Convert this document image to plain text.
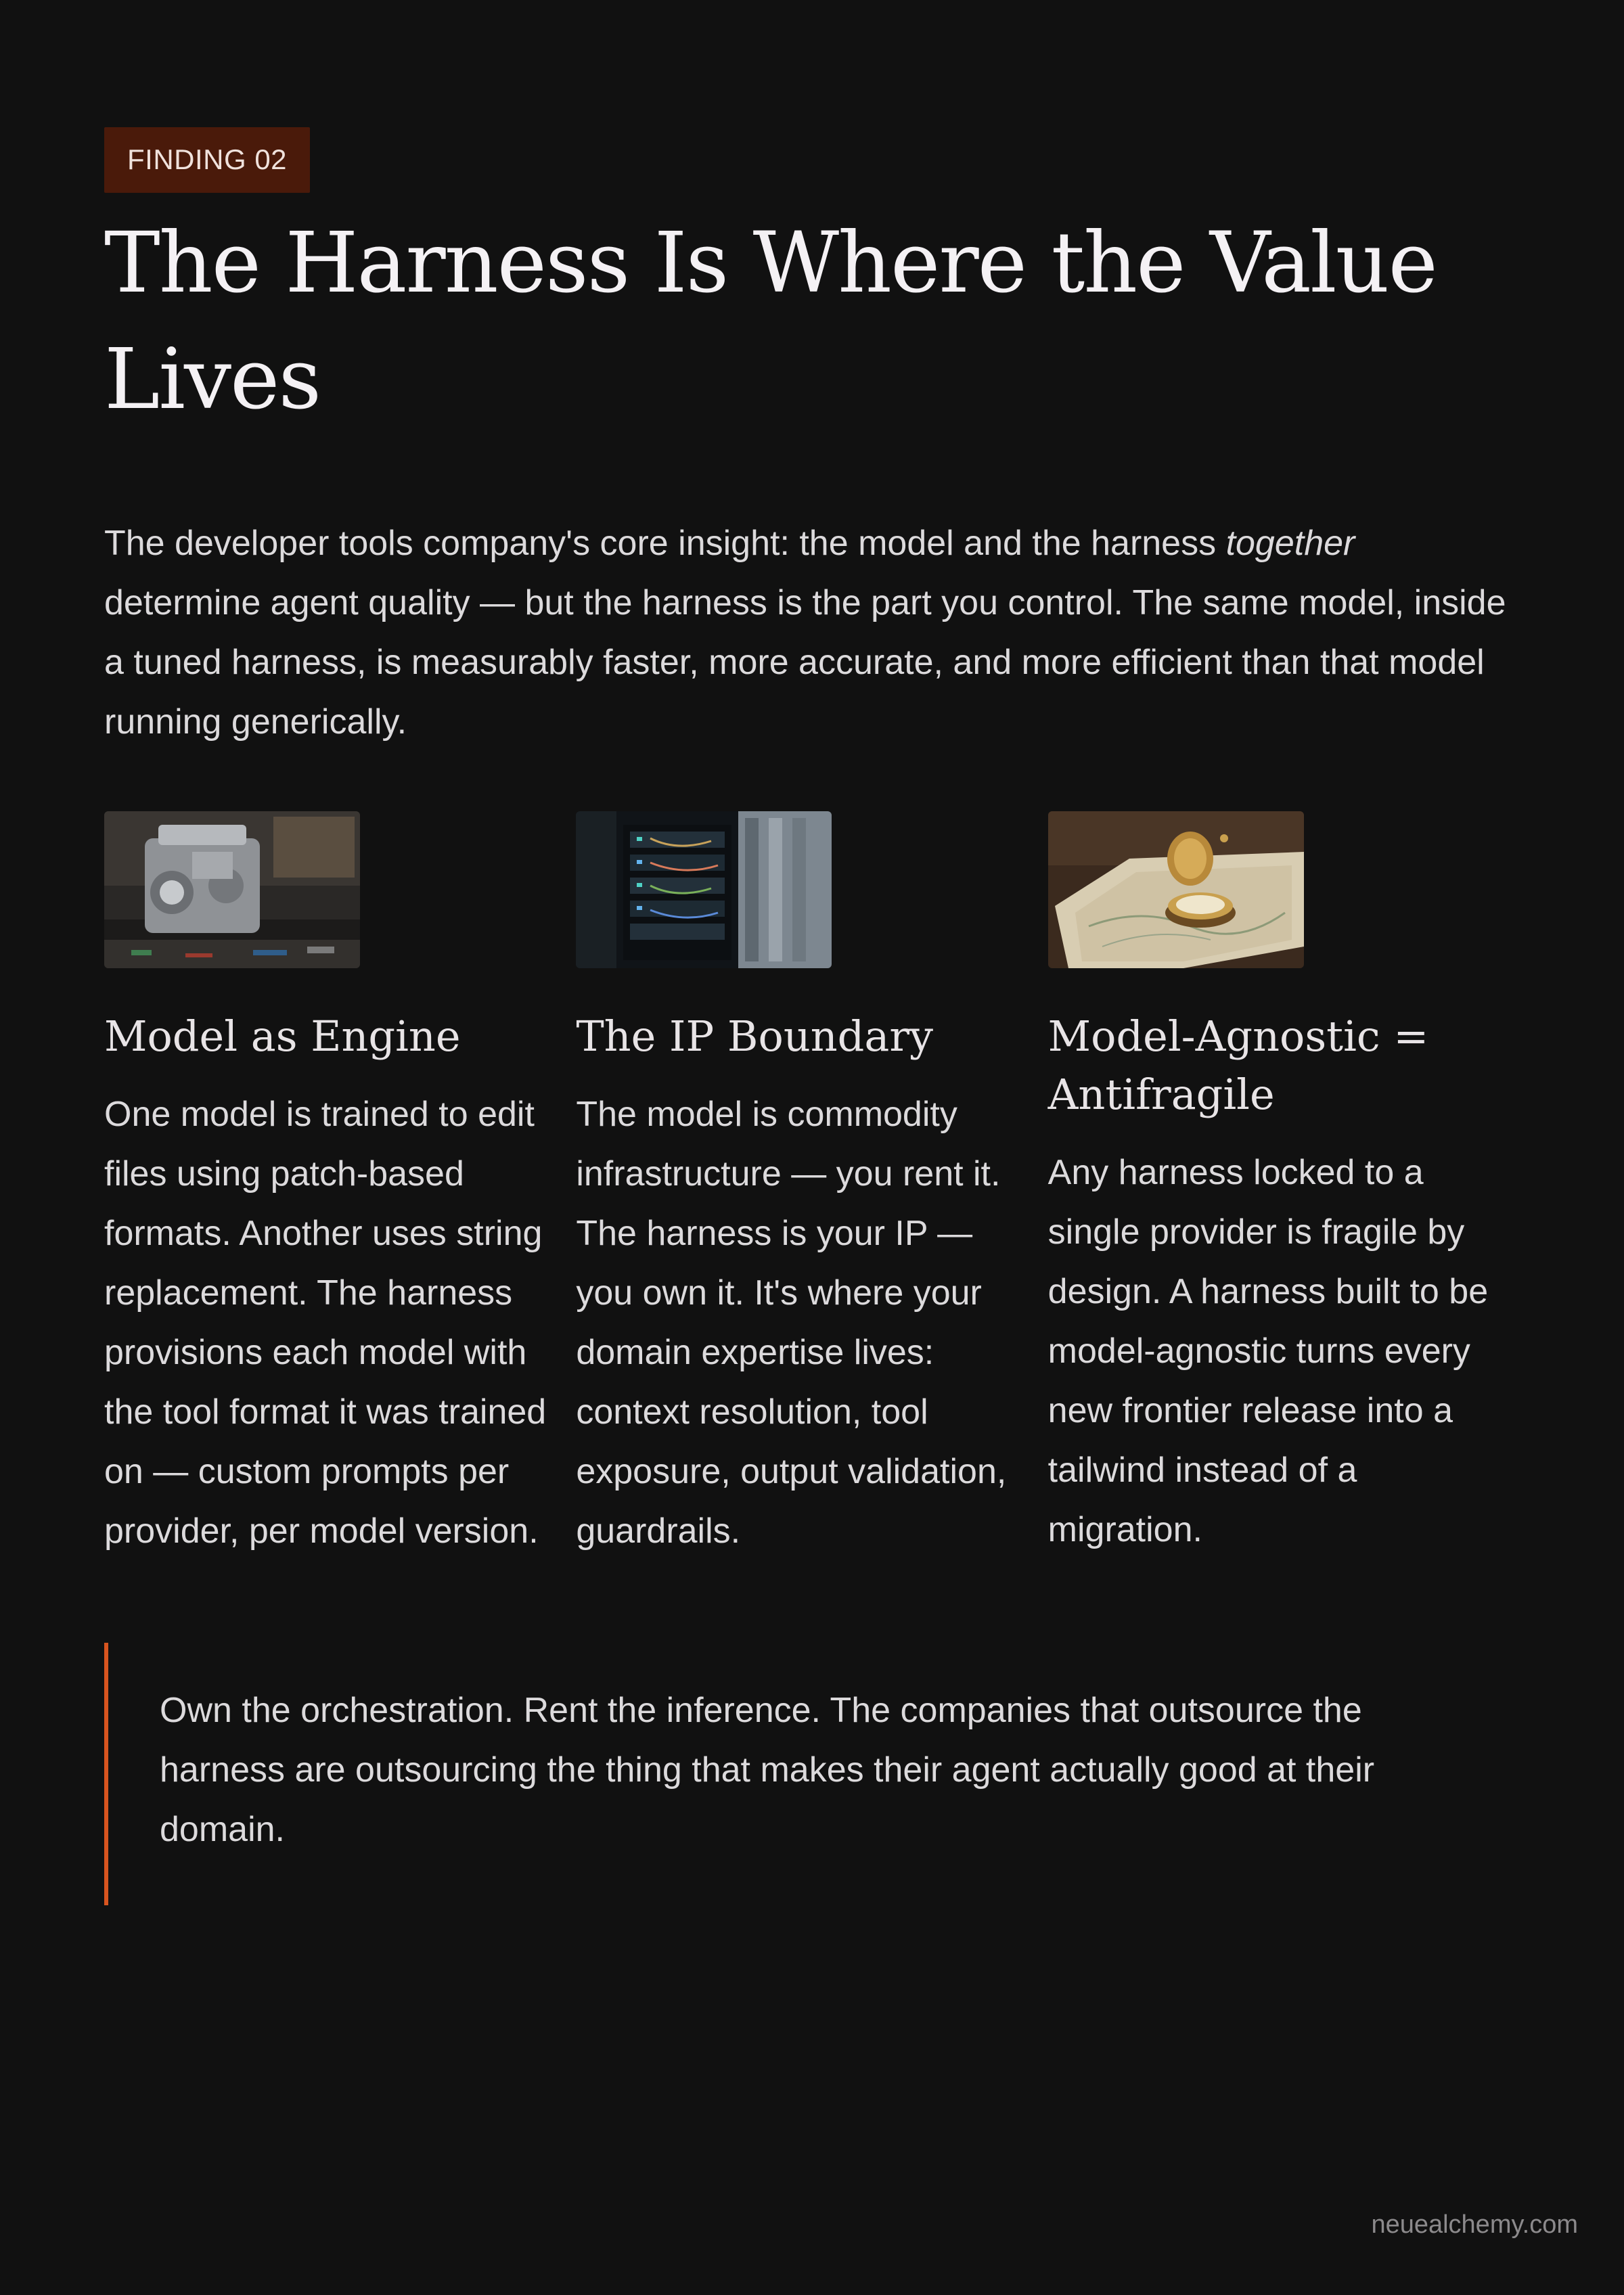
FINDING 02
The Harness Is Where the Value Lives

The developer tools company's core insight: the model and the harness together determine agent quality — but the harness is the part you control. The same model, inside a tuned harness, is measurably faster, more accurate, and more efficient than that model running generically.

Model as Engine
One model is trained to edit files using patch-based formats. Another uses string replacement. The harness provisions each model with the tool format it was trained on — custom prompts per provider, per model version.
The IP Boundary
The model is commodity infrastructure — you rent it. The harness is your IP — you own it. It's where your domain expertise lives: context resolution, tool exposure, output validation, guardrails.
Model-Agnostic = Antifragile
Any harness locked to a single provider is fragile by design. A harness built to be model-agnostic turns every new frontier release into a tailwind instead of a migration.
Own the orchestration. Rent the inference. The companies that outsource the harness are outsourcing the thing that makes their agent actually good at their domain.
neuealchemy.com
